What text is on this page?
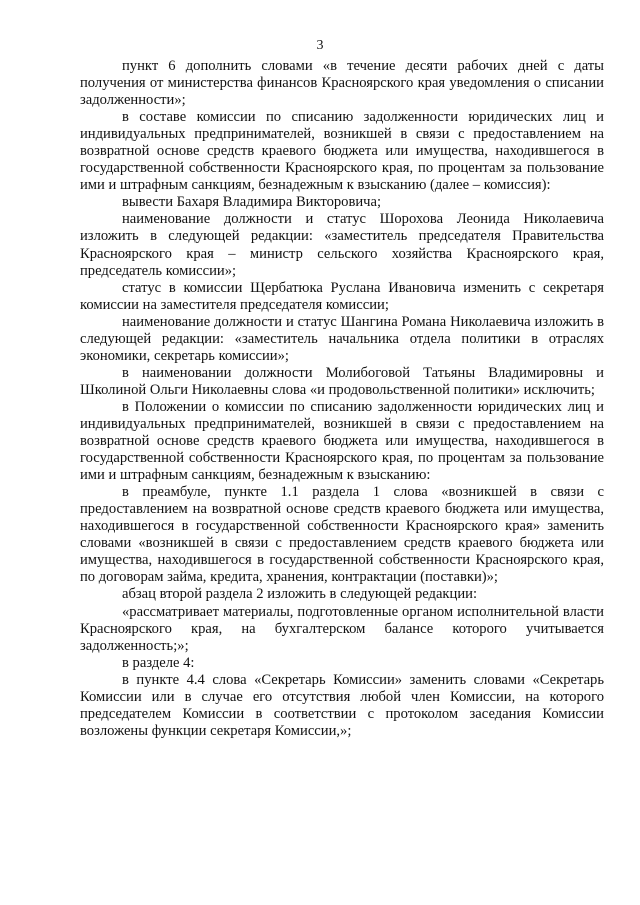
3

пункт 6 дополнить словами «в течение десяти рабочих дней с даты получения от министерства финансов Красноярского края уведомления о списании задолженности»;

в составе комиссии по списанию задолженности юридических лиц и индивидуальных предпринимателей, возникшей в связи с предоставлением на возвратной основе средств краевого бюджета или имущества, находившегося в государственной собственности Красноярского края, по процентам за пользование ими и штрафным санкциям, безнадежным к взысканию (далее – комиссия):

вывести Бахаря Владимира Викторовича;

наименование должности и статус Шорохова Леонида Николаевича изложить в следующей редакции: «заместитель председателя Правительства Красноярского края – министр сельского хозяйства Красноярского края, председатель комиссии»;

статус в комиссии Щербатюка Руслана Ивановича изменить с секретаря комиссии на заместителя председателя комиссии;

наименование должности и статус Шангина Романа Николаевича изложить в следующей редакции: «заместитель начальника отдела политики в отраслях экономики, секретарь комиссии»;

в наименовании должности Молибоговой Татьяны Владимировны и Школиной Ольги Николаевны слова «и продовольственной политики» исключить;

в Положении о комиссии по списанию задолженности юридических лиц и индивидуальных предпринимателей, возникшей в связи с предоставлением на возвратной основе средств краевого бюджета или имущества, находившегося в государственной собственности Красноярского края, по процентам за пользование ими и штрафным санкциям, безнадежным к взысканию:

в преамбуле, пункте 1.1 раздела 1 слова «возникшей в связи с предоставлением на возвратной основе средств краевого бюджета или имущества, находившегося в государственной собственности Красноярского края» заменить словами «возникшей в связи с предоставлением средств краевого бюджета или имущества, находившегося в государственной собственности Красноярского края, по договорам займа, кредита, хранения, контрактации (поставки)»;

абзац второй раздела 2 изложить в следующей редакции:

«рассматривает материалы, подготовленные органом исполнительной власти Красноярского края, на бухгалтерском балансе которого учитывается задолженность;»;

в разделе 4:

в пункте 4.4 слова «Секретарь Комиссии» заменить словами «Секретарь Комиссии или в случае его отсутствия любой член Комиссии, на которого председателем Комиссии в соответствии с протоколом заседания Комиссии возложены функции секретаря Комиссии,»;
